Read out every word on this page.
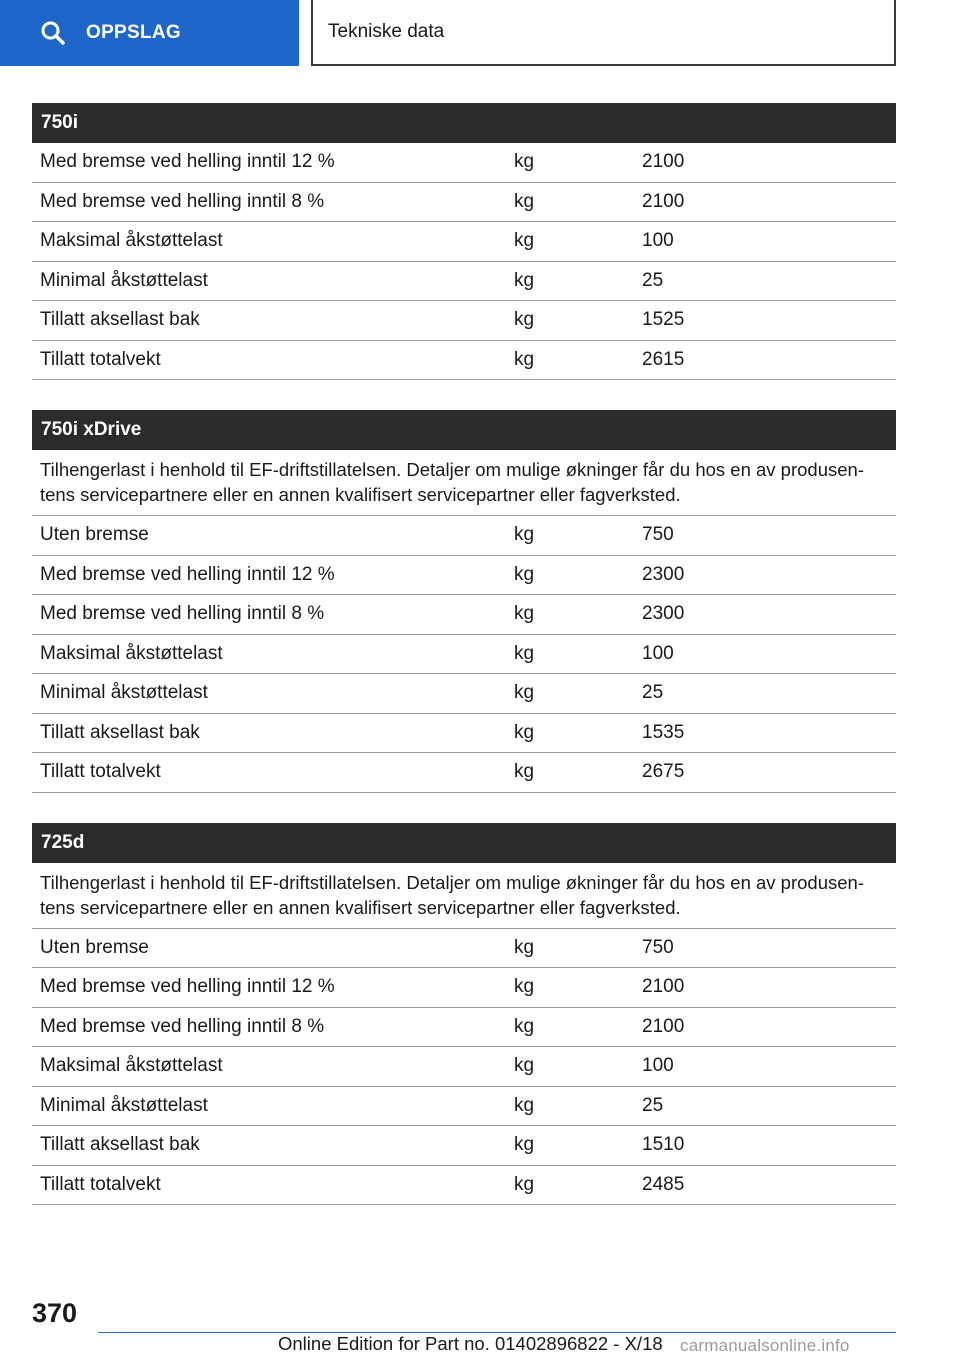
OPPSLAG	Tekniske data
750i
Med bremse ved helling inntil 12 %	kg	2100
Med bremse ved helling inntil 8 %	kg	2100
Maksimal åkstøttelast	kg	100
Minimal åkstøttelast	kg	25
Tillatt aksellast bak	kg	1525
Tillatt totalvekt	kg	2615
750i xDrive
Tilhengerlast i henhold til EF-driftstillatelsen. Detaljer om mulige økninger får du hos en av produsen-tens servicepartnere eller en annen kvalifisert servicepartner eller fagverksted.
Uten bremse	kg	750
Med bremse ved helling inntil 12 %	kg	2300
Med bremse ved helling inntil 8 %	kg	2300
Maksimal åkstøttelast	kg	100
Minimal åkstøttelast	kg	25
Tillatt aksellast bak	kg	1535
Tillatt totalvekt	kg	2675
725d
Tilhengerlast i henhold til EF-driftstillatelsen. Detaljer om mulige økninger får du hos en av produsen-tens servicepartnere eller en annen kvalifisert servicepartner eller fagverksted.
Uten bremse	kg	750
Med bremse ved helling inntil 12 %	kg	2100
Med bremse ved helling inntil 8 %	kg	2100
Maksimal åkstøttelast	kg	100
Minimal åkstøttelast	kg	25
Tillatt aksellast bak	kg	1510
Tillatt totalvekt	kg	2485
370
Online Edition for Part no. 01402896822 - X/18 carmanualsonline.info
